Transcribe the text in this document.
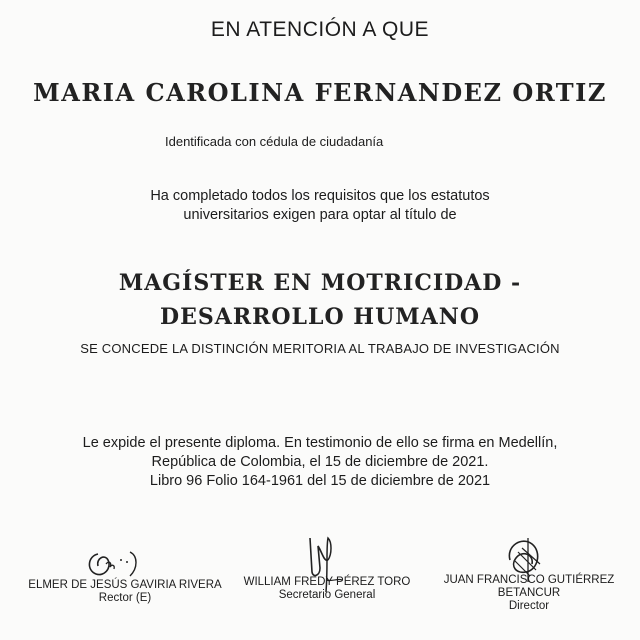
EN ATENCIÓN A QUE
MARIA CAROLINA FERNANDEZ ORTIZ
Identificada con cédula de ciudadanía
Ha completado todos los requisitos que los estatutos
universitarios exigen para optar al título de
MAGÍSTER EN MOTRICIDAD -
DESARROLLO HUMANO
SE CONCEDE LA DISTINCIÓN MERITORIA AL TRABAJO DE INVESTIGACIÓN
Le expide el presente diploma. En testimonio de ello se firma en Medellín,
República de Colombia, el 15 de diciembre de 2021.
Libro 96 Folio 164-1961 del 15 de diciembre de 2021
ELMER DE JESÚS GAVIRIA RIVERA
Rector (E)
WILLIAM FREDY PÉREZ TORO
Secretario General
JUAN FRANCISCO GUTIÉRREZ
BETANCUR
Director
